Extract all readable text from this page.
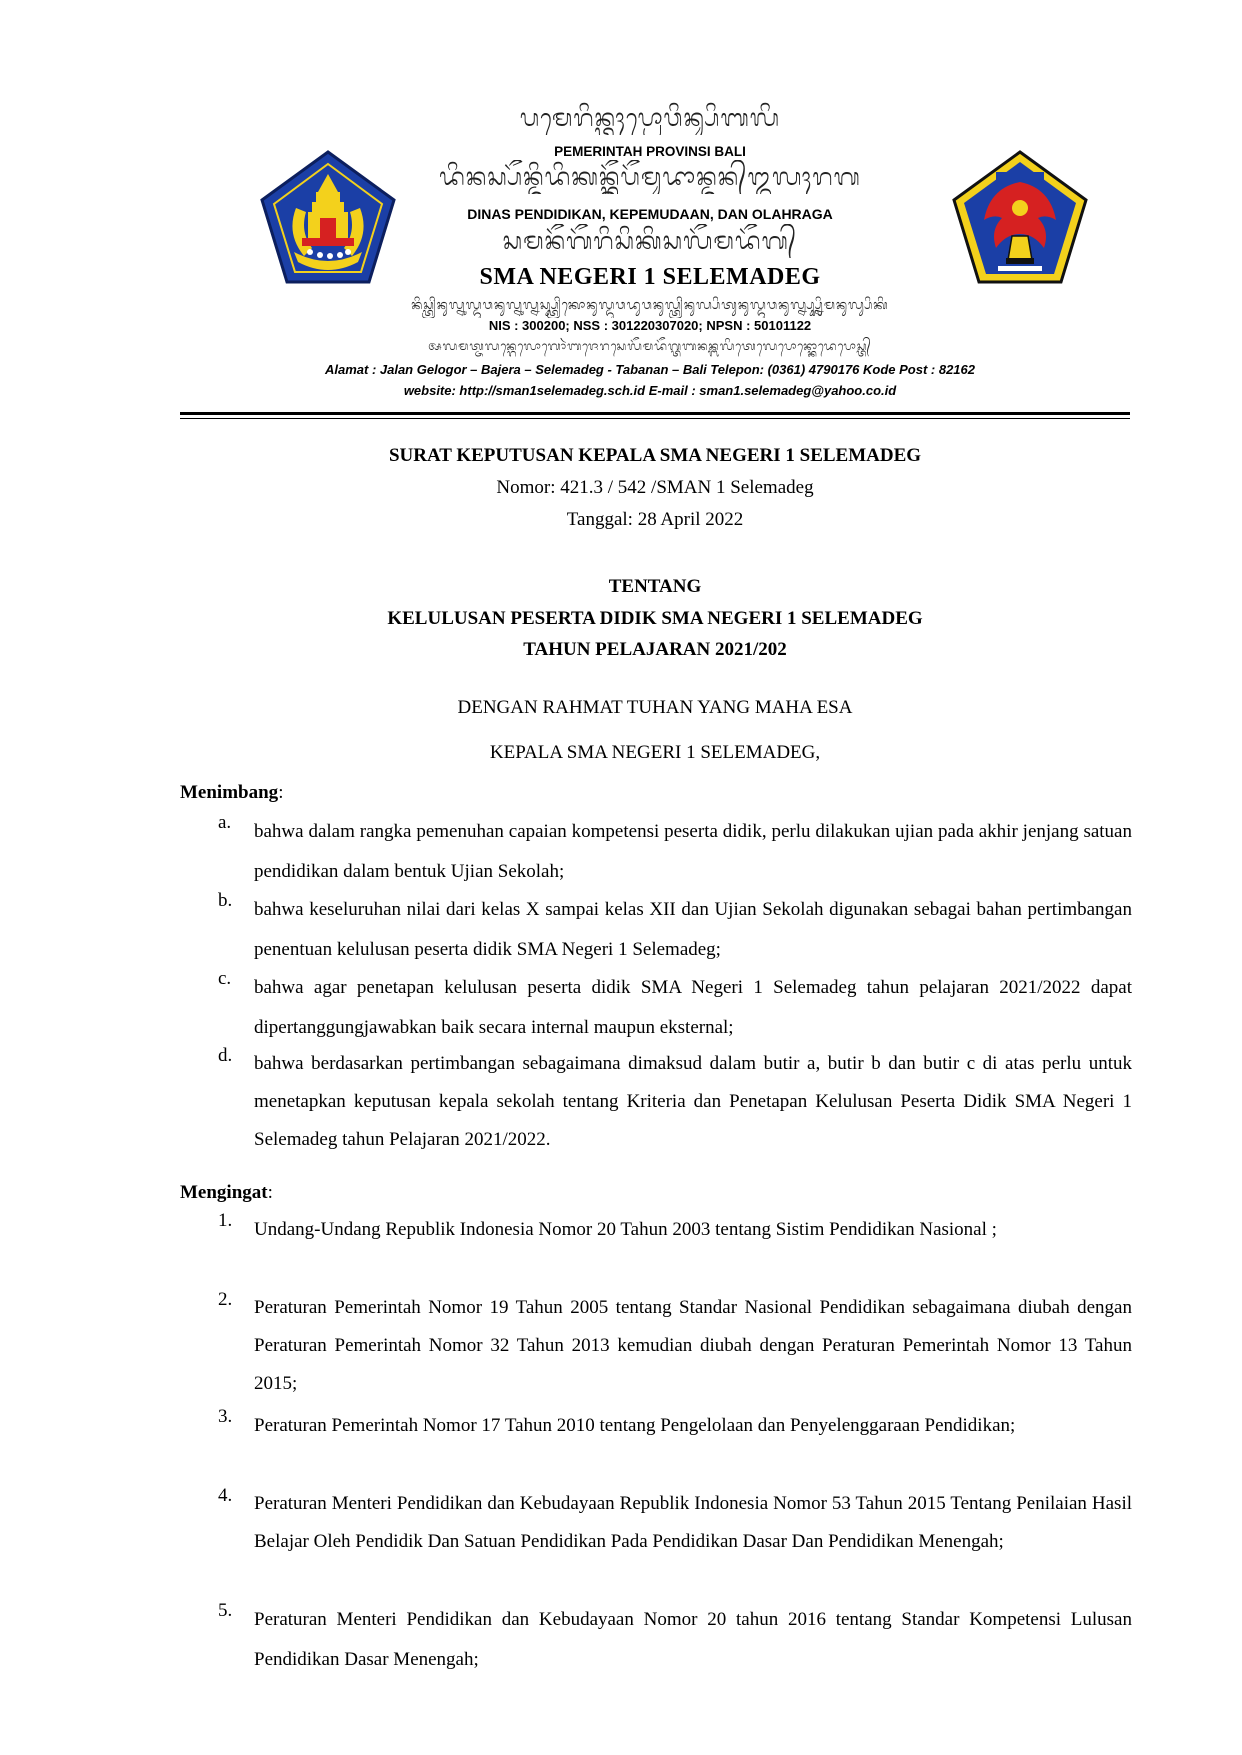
ᬧᬫᬾᬭᬶᬦ᭄ᬢᬄᬧ᭄ᬭᭀᬯᬶᬦ᭄ᬲᬶᬩᬮᬶ
PEMERINTAH PROVINSI BALI
ᬤᬶᬦᬲ᭄ᬧᭂᬦ᭄ᬤᬶᬤᬶᬓᬦ᭄ᬓᭂᬧᭂᬫᬸᬤᬵᬦ᭄ᬤᬦ᭄ᬑᬮᬄᬭᬕ
DINAS PENDIDIKAN, KEPEMUDAAN, DAN OLAHRAGA
ᬲᬫᬦᭂᬕᭂᬭᬶᬲᬶᬓᬶᬲᬮᭂᬫᬤᭂᬕ᭄
SMA NEGERI 1 SELEMADEG
ᬦᬶᬲ᭄ᬢ᭄ᬭᬶᬦᬸᬮ᭄ᬦᬸᬮ᭄ᬤᬸᬯᬦᬸᬮ᭄ᬦᬸᬮ᭄ᬦᬲ᭄ᬲ᭄ᬢ᭄ᬭᬶᬓᭀᬦᬸᬮ᭄ᬤᬸᬯᬤᬸᬯᬦᬸᬮ᭄ᬢ᭄ᬭᬶᬦᬸᬮ᭄ᬧᬶᬢᬸᬦᬸᬮ᭄ᬤᬸᬯᬦᬸᬮ᭄ᬦ᭄ᬧ᭄ᬲ᭄ᬦ᭄ᬮᬶᬫᬦᬸᬮ᭄ᬲᬶᬓᬶ
NIS : 300200; NSS : 301220307020; NPSN : 50101122
ᬅᬮᬫᬢ᭄ᬚᬮᬦ᭄ᬕᬾᬮᭀᬕᭀᬃᬩᬚᬾᬭᬲᬾᬮᭂᬫᬤᭂᬕ᭄ᬢᬩᬦᬦ᭄ᬩᬮᬶᬢᬾᬮᬾᬧᭀᬦ᭄ᬓᭀᬤᬾᬧᭀᬲ᭄ᬢ᭄
Alamat : Jalan Gelogor – Bajera – Selemadeg - Tabanan – Bali Telepon: (0361) 4790176 Kode Post : 82162
website: http://sman1selemadeg.sch.id E-mail : sman1.selemadeg@yahoo.co.id
SURAT KEPUTUSAN KEPALA SMA NEGERI 1 SELEMADEG
Nomor: 421.3 / 542 /SMAN 1 Selemadeg
Tanggal: 28 April 2022
TENTANG
KELULUSAN PESERTA DIDIK SMA NEGERI 1 SELEMADEG
TAHUN PELAJARAN 2021/202
DENGAN RAHMAT TUHAN YANG MAHA ESA
KEPALA SMA NEGERI 1 SELEMADEG,
Menimbang:
a.	bahwa dalam rangka pemenuhan capaian kompetensi peserta didik, perlu dilakukan ujian pada akhir jenjang satuan pendidikan dalam bentuk Ujian Sekolah;
b.	bahwa keseluruhan nilai dari kelas X sampai kelas XII dan Ujian Sekolah digunakan sebagai bahan pertimbangan penentuan kelulusan peserta didik SMA Negeri 1 Selemadeg;
c.	bahwa agar penetapan kelulusan peserta didik SMA Negeri 1 Selemadeg tahun pelajaran 2021/2022 dapat dipertanggungjawabkan baik secara internal maupun eksternal;
d.	bahwa berdasarkan pertimbangan sebagaimana dimaksud dalam butir a, butir b dan butir c di atas perlu untuk menetapkan keputusan kepala sekolah tentang Kriteria dan Penetapan Kelulusan Peserta Didik SMA Negeri 1 Selemadeg tahun Pelajaran 2021/2022.
Mengingat:
1.	Undang-Undang Republik Indonesia Nomor 20 Tahun 2003 tentang Sistim Pendidikan Nasional ;
2.	Peraturan Pemerintah Nomor 19 Tahun 2005 tentang Standar Nasional Pendidikan sebagaimana diubah dengan Peraturan Pemerintah Nomor 32 Tahun 2013 kemudian diubah dengan Peraturan Pemerintah Nomor 13 Tahun 2015;
3.	Peraturan Pemerintah Nomor 17 Tahun 2010 tentang Pengelolaan dan Penyelenggaraan Pendidikan;
4.	Peraturan Menteri Pendidikan dan Kebudayaan Republik Indonesia Nomor 53 Tahun 2015 Tentang Penilaian Hasil Belajar Oleh Pendidik Dan Satuan Pendidikan Pada Pendidikan Dasar Dan Pendidikan Menengah;
5.	Peraturan Menteri Pendidikan dan Kebudayaan Nomor 20 tahun 2016 tentang Standar Kompetensi Lulusan Pendidikan Dasar Menengah;
